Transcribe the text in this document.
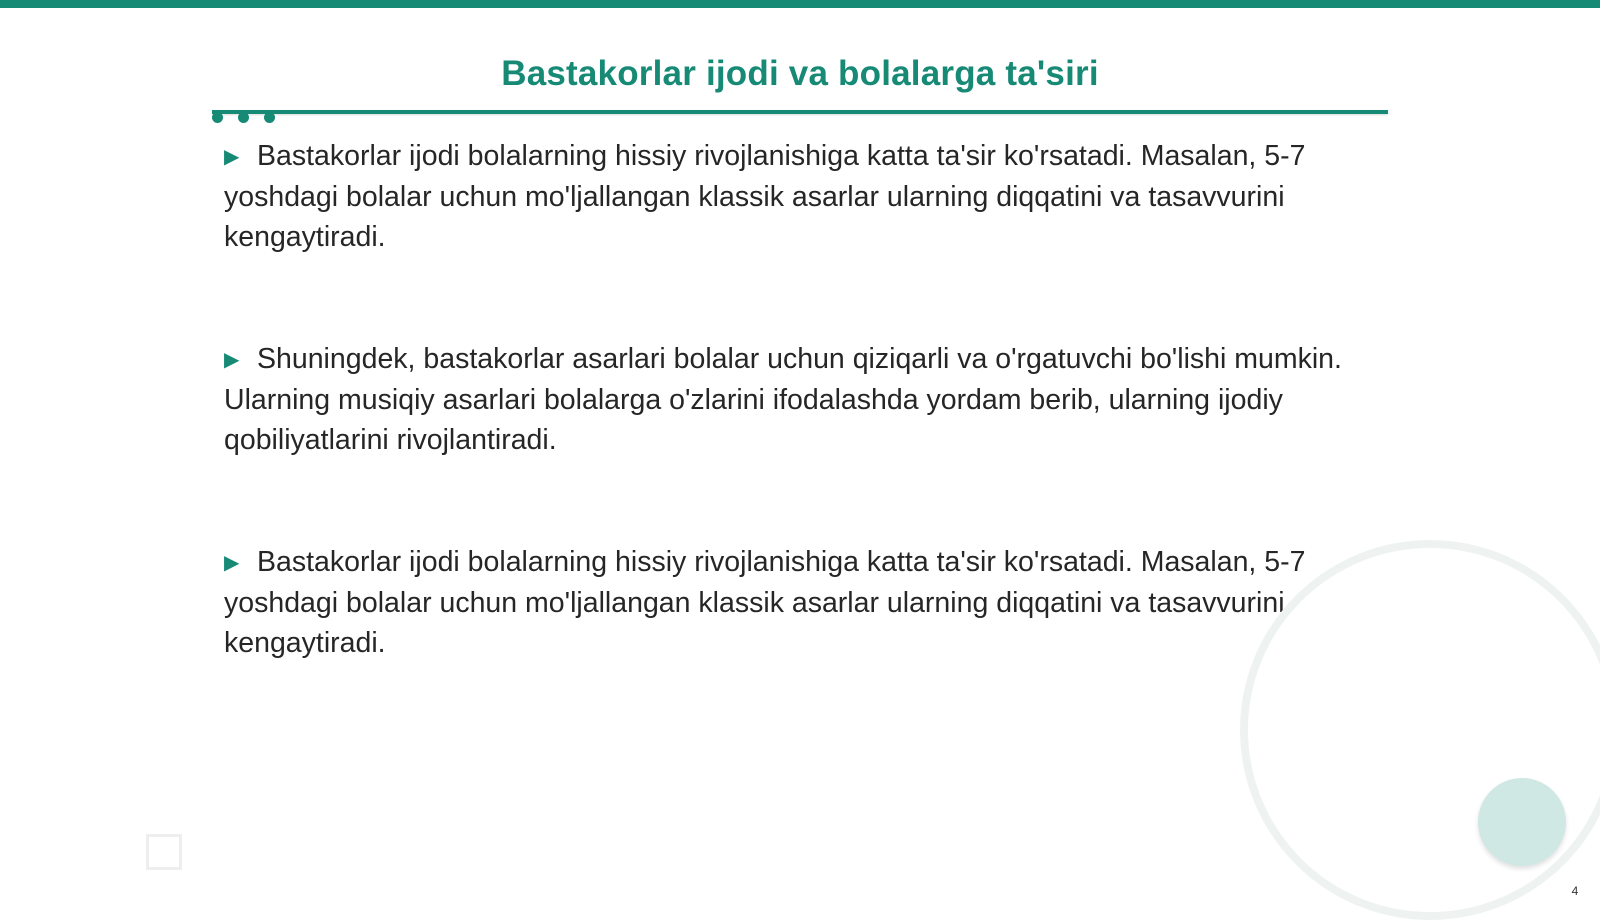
Bastakorlar ijodi va bolalarga ta'siri

▶ Bastakorlar ijodi bolalarning hissiy rivojlanishiga katta ta'sir ko'rsatadi. Masalan, 5-7 yoshdagi bolalar uchun mo'ljallangan klassik asarlar ularning diqqatini va tasavvurini kengaytiradi.

▶ Shuningdek, bastakorlar asarlari bolalar uchun qiziqarli va o'rgatuvchi bo'lishi mumkin. Ularning musiqiy asarlari bolalarga o'zlarini ifodalashda yordam berib, ularning ijodiy qobiliyatlarini rivojlantiradi.

▶ Bastakorlar ijodi bolalarning hissiy rivojlanishiga katta ta'sir ko'rsatadi. Masalan, 5-7 yoshdagi bolalar uchun mo'ljallangan klassik asarlar ularning diqqatini va tasavvurini kengaytiradi.

4
